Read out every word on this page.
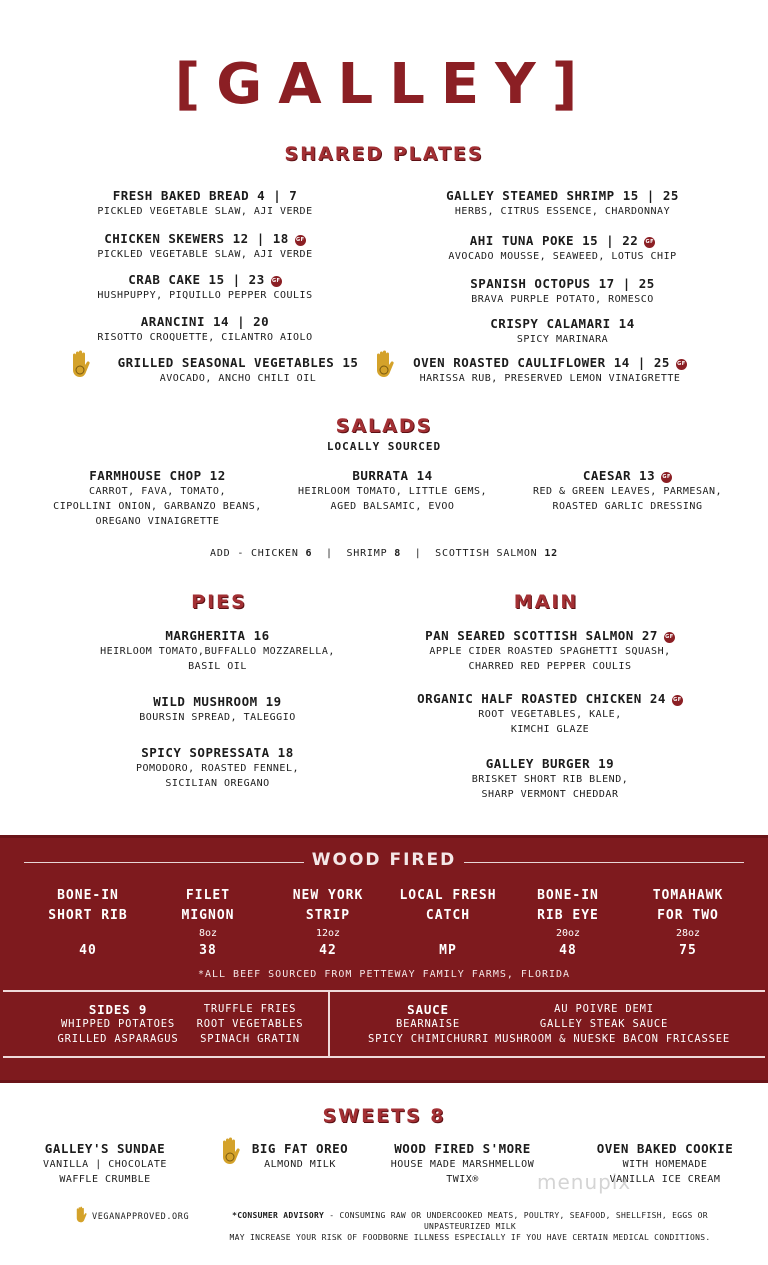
[GALLEY]
SHARED PLATES
FRESH BAKED BREAD 4 | 7
PICKLED VEGETABLE SLAW, AJI VERDE
CHICKEN SKEWERS 12 | 18 GF
PICKLED VEGETABLE SLAW, AJI VERDE
CRAB CAKE 15 | 23 GF
HUSHPUPPY, PIQUILLO PEPPER COULIS
ARANCINI 14 | 20
RISOTTO CROQUETTE, CILANTRO AIOLO
GRILLED SEASONAL VEGETABLES 15
AVOCADO, ANCHO CHILI OIL
GALLEY STEAMED SHRIMP 15 | 25
HERBS, CITRUS ESSENCE, CHARDONNAY
AHI TUNA POKE 15 | 22 GF
AVOCADO MOUSSE, SEAWEED, LOTUS CHIP
SPANISH OCTOPUS 17 | 25
BRAVA PURPLE POTATO, ROMESCO
CRISPY CALAMARI 14
SPICY MARINARA
OVEN ROASTED CAULIFLOWER 14 | 25 GF
HARISSA RUB, PRESERVED LEMON VINAIGRETTE
SALADS
LOCALLY SOURCED
FARMHOUSE CHOP 12
CARROT, FAVA, TOMATO,
CIPOLLINI ONION, GARBANZO BEANS,
OREGANO VINAIGRETTE
BURRATA 14
HEIRLOOM TOMATO, LITTLE GEMS,
AGED BALSAMIC, EVOO
CAESAR 13 GF
RED & GREEN LEAVES, PARMESAN,
ROASTED GARLIC DRESSING
ADD - CHICKEN 6  |  SHRIMP 8  |  SCOTTISH SALMON 12
PIES
MARGHERITA 16
HEIRLOOM TOMATO,BUFFALLO MOZZARELLA,
BASIL OIL
WILD MUSHROOM 19
BOURSIN SPREAD, TALEGGIO
SPICY SOPRESSATA 18
POMODORO, ROASTED FENNEL,
SICILIAN OREGANO
MAIN
PAN SEARED SCOTTISH SALMON 27 GF
APPLE CIDER ROASTED SPAGHETTI SQUASH,
CHARRED RED PEPPER COULIS
ORGANIC HALF ROASTED CHICKEN 24 GF
ROOT VEGETABLES, KALE,
KIMCHI GLAZE
GALLEY BURGER 19
BRISKET SHORT RIB BLEND,
SHARP VERMONT CHEDDAR
WOOD FIRED
BONE-IN
SHORT RIB
40
FILET
MIGNON
8oz
38
NEW YORK
STRIP
12oz
42
LOCAL FRESH
CATCH
MP
BONE-IN
RIB EYE
20oz
48
TOMAHAWK
FOR TWO
28oz
75
*ALL BEEF SOURCED FROM PETTEWAY FAMILY FARMS, FLORIDA
SIDES 9
WHIPPED POTATOES
GRILLED ASPARAGUS
TRUFFLE FRIES
ROOT VEGETABLES
SPINACH GRATIN
SAUCE
BEARNAISE
SPICY CHIMICHURRI
AU POIVRE DEMI
GALLEY STEAK SAUCE
MUSHROOM & NUESKE BACON FRICASSEE
SWEETS 8
GALLEY'S SUNDAE
VANILLA | CHOCOLATE
WAFFLE CRUMBLE
BIG FAT OREO
ALMOND MILK
WOOD FIRED S'MORE
HOUSE MADE MARSHMELLOW
TWIX®
OVEN BAKED COOKIE
WITH HOMEMADE
VANILLA ICE CREAM
menupix
VEGANAPPROVED.ORG	*CONSUMER ADVISORY - CONSUMING RAW OR UNDERCOOKED MEATS, POULTRY, SEAFOOD, SHELLFISH, EGGS OR UNPASTEURIZED MILK
MAY INCREASE YOUR RISK OF FOODBORNE ILLNESS ESPECIALLY IF YOU HAVE CERTAIN MEDICAL CONDITIONS.
